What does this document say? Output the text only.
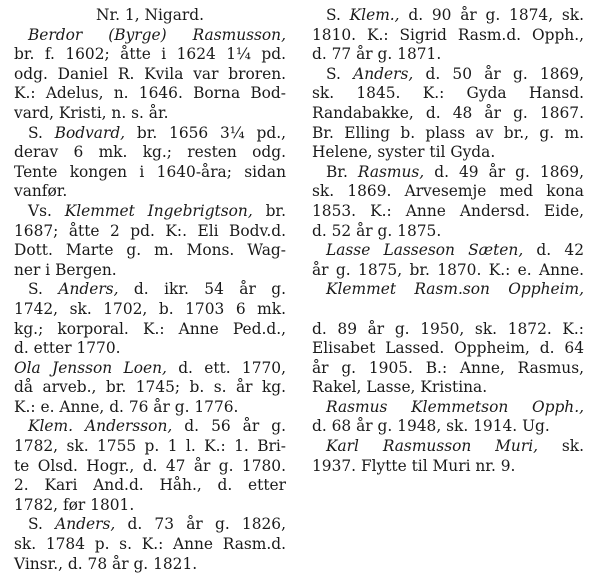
Nr. 1, Nigard.
Berdor (Byrge) Rasmusson,
br. f. 1602; åtte i 1624 1¼ pd.
odg. Daniel R. Kvila var broren.
K.: Adelus, n. 1646. Borna Bod-
vard, Kristi, n. s. år.
S. Bodvard, br. 1656 3¼ pd.,
derav 6 mk. kg.; resten odg.
Tente kongen i 1640-åra; sidan
vanfør.
Vs. Klemmet Ingebrigtson, br.
1687; åtte 2 pd. K:. Eli Bodv.d.
Dott. Marte g. m. Mons. Wag-
ner i Bergen.
S. Anders, d. ikr. 54 år g.
1742, sk. 1702, b. 1703 6 mk.
kg.; korporal. K.: Anne Ped.d.,
d. etter 1770.
Ola Jensson Loen, d. ett. 1770,
då arveb., br. 1745; b. s. år kg.
K.: e. Anne, d. 76 år g. 1776.
Klem. Andersson, d. 56 år g.
1782, sk. 1755 p. 1 l. K.: 1. Bri-
te Olsd. Hogr., d. 47 år g. 1780.
2. Kari And.d. Håh., d. etter
1782, før 1801.
S. Anders, d. 73 år g. 1826,
sk. 1784 p. s. K.: Anne Rasm.d.
Vinsr., d. 78 år g. 1821.
S. Klem., d. 90 år g. 1874, sk.
1810. K.: Sigrid Rasm.d. Opph.,
d. 77 år g. 1871.
S. Anders, d. 50 år g. 1869,
sk. 1845. K.: Gyda Hansd.
Randabakke, d. 48 år g. 1867.
Br. Elling b. plass av br., g. m.
Helene, syster til Gyda.
Br. Rasmus, d. 49 år g. 1869,
sk. 1869. Arvesemje med kona
1853. K.: Anne Andersd. Eide,
d. 52 år g. 1875.
Lasse Lasseson Sæten, d. 42
år g. 1875, br. 1870. K.: e. Anne.
Klemmet Rasm.son Oppheim,
d. 89 år g. 1950, sk. 1872. K.:
Elisabet Lassed. Oppheim, d. 64
år g. 1905. B.: Anne, Rasmus,
Rakel, Lasse, Kristina.
Rasmus Klemmetson Opph.,
d. 68 år g. 1948, sk. 1914. Ug.
Karl Rasmusson Muri, sk.
1937. Flytte til Muri nr. 9.
